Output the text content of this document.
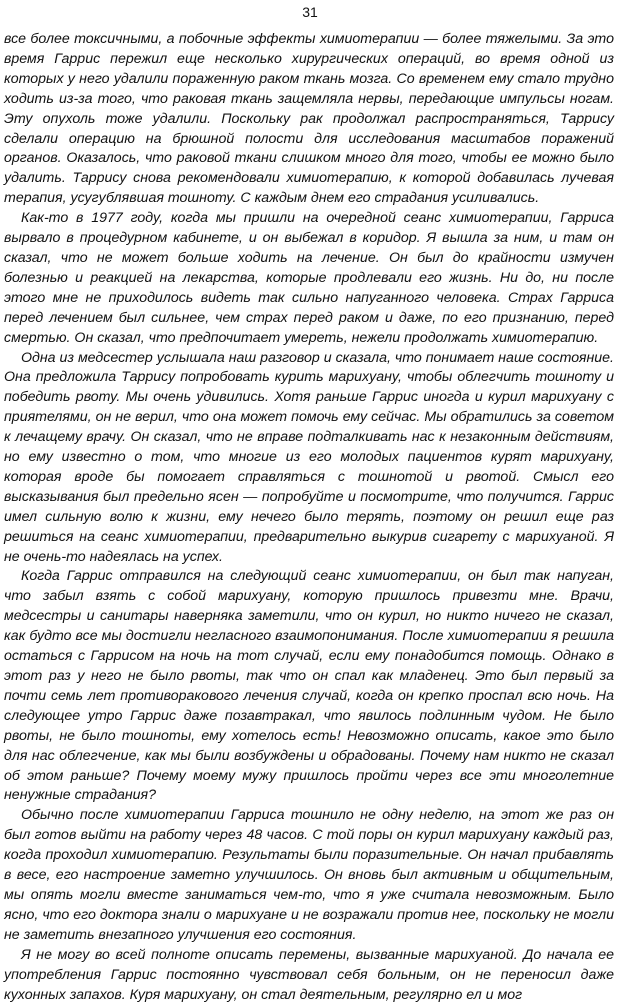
31

все более токсичными, а побочные эффекты химиотерапии — более тяжелыми. За это время Гаррис пережил еще несколько хирургических операций, во время одной из которых у него удалили пораженную раком ткань мозга. Со временем ему стало трудно ходить из-за того, что раковая ткань защемляла нервы, передающие импульсы ногам. Эту опухоль тоже удалили. Поскольку рак продолжал распространяться, Таррису сделали операцию на брюшной полости для исследования масштабов поражений органов. Оказалось, что раковой ткани слишком много для того, чтобы ее можно было удалить. Таррису снова рекомендовали химиотерапию, к которой добавилась лучевая терапия, усугублявшая тошноту. С каждым днем его страдания усиливались.

Как-то в 1977 году, когда мы пришли на очередной сеанс химиотерапии, Гарриса вырвало в процедурном кабинете, и он выбежал в коридор. Я вышла за ним, и там он сказал, что не может больше ходить на лечение. Он был до крайности измучен болезнью и реакцией на лекарства, которые продлевали его жизнь. Ни до, ни после этого мне не приходилось видеть так сильно напуганного человека. Страх Гарриса перед лечением был сильнее, чем страх перед раком и даже, по его признанию, перед смертью. Он сказал, что предпочитает умереть, нежели продолжать химиотерапию.

Одна из медсестер услышала наш разговор и сказала, что понимает наше состояние. Она предложила Таррису попробовать курить марихуану, чтобы облегчить тошноту и победить рвоту. Мы очень удивились. Хотя раньше Гаррис иногда и курил марихуану с приятелями, он не верил, что она может помочь ему сейчас. Мы обратились за советом к лечащему врачу. Он сказал, что не вправе подталкивать нас к незаконным действиям, но ему известно о том, что многие из его молодых пациентов курят марихуану, которая вроде бы помогает справляться с тошнотой и рвотой. Смысл его высказывания был предельно ясен — попробуйте и посмотрите, что получится. Гаррис имел сильную волю к жизни, ему нечего было терять, поэтому он решил еще раз решиться на сеанс химиотерапии, предварительно выкурив сигарету с марихуаной. Я не очень-то надеялась на успех.

Когда Гаррис отправился на следующий сеанс химиотерапии, он был так напуган, что забыл взять с собой марихуану, которую пришлось привезти мне. Врачи, медсестры и санитары наверняка заметили, что он курил, но никто ничего не сказал, как будто все мы достигли негласного взаимопонимания. После химиотерапии я решила остаться с Гаррисом на ночь на тот случай, если ему понадобится помощь. Однако в этот раз у него не было рвоты, так что он спал как младенец. Это был первый за почти семь лет противоракового лечения случай, когда он крепко проспал всю ночь. На следующее утро Гаррис даже позавтракал, что явилось подлинным чудом. Не было рвоты, не было тошноты, ему хотелось есть! Невозможно описать, какое это было для нас облегчение, как мы были возбуждены и обрадованы. Почему нам никто не сказал об этом раньше? Почему моему мужу пришлось пройти через все эти многолетние ненужные страдания?

Обычно после химиотерапии Гарриса тошнило не одну неделю, на этот же раз он был готов выйти на работу через 48 часов. С той поры он курил марихуану каждый раз, когда проходил химиотерапию. Результаты были поразительные. Он начал прибавлять в весе, его настроение заметно улучшилось. Он вновь был активным и общительным, мы опять могли вместе заниматься чем-то, что я уже считала невозможным. Было ясно, что его доктора знали о марихуане и не возражали против нее, поскольку не могли не заметить внезапного улучшения его состояния.

Я не могу во всей полноте описать перемены, вызванные марихуаной. До начала ее употребления Гаррис постоянно чувствовал себя больным, он не переносил даже кухонных запахов. Куря марихуану, он стал деятельным, регулярно ел и мог
